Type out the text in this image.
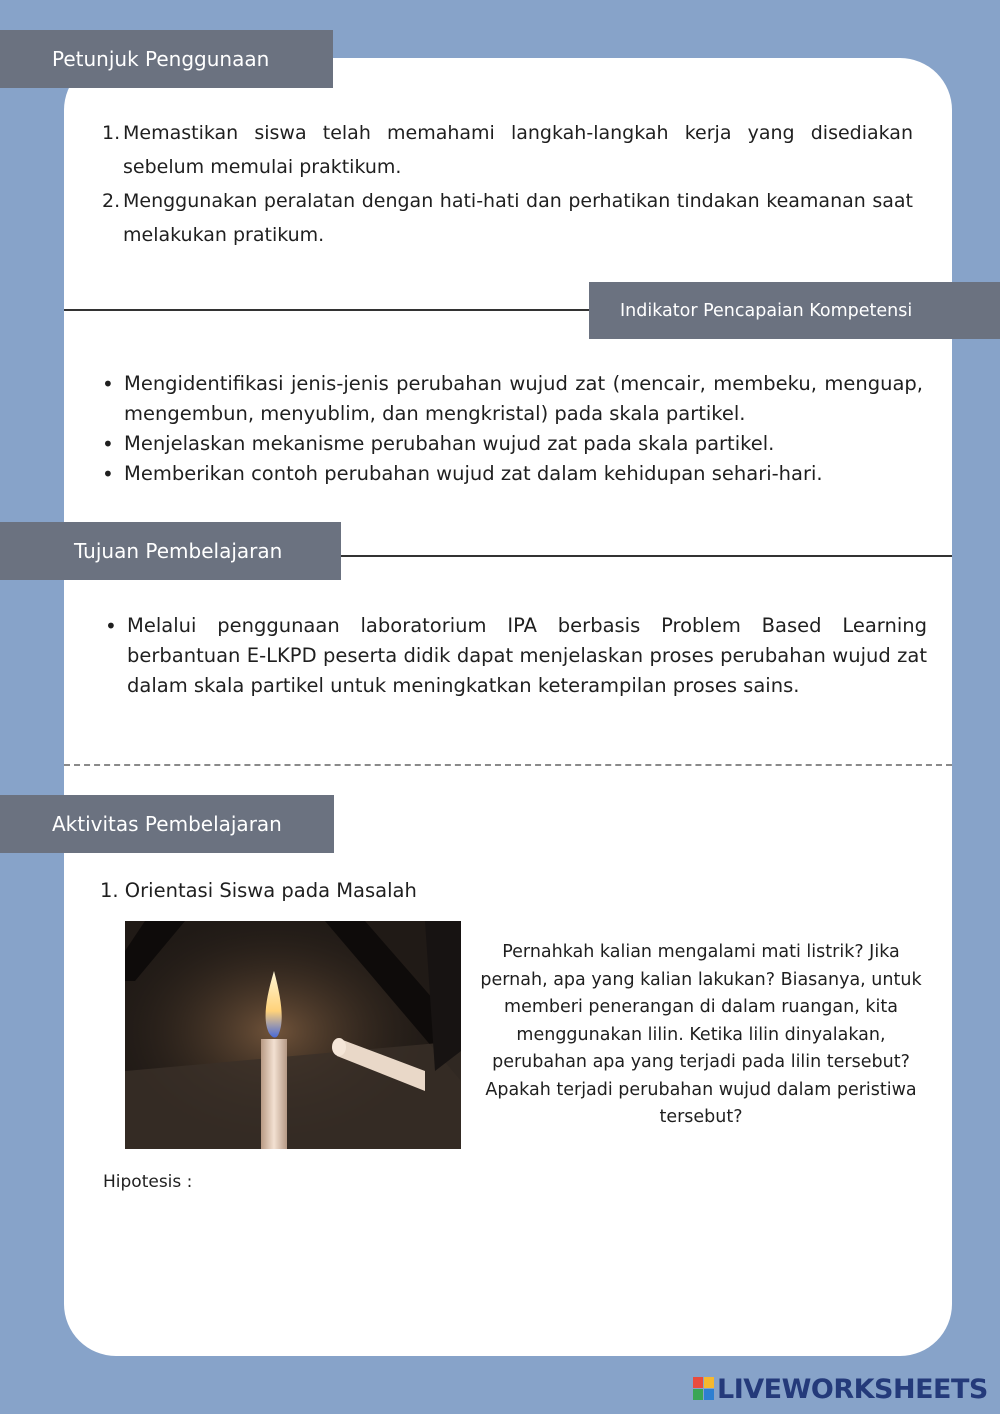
Petunjuk Penggunaan
1. Memastikan siswa telah memahami langkah-langkah kerja yang disediakan sebelum memulai praktikum.
2. Menggunakan peralatan dengan hati-hati dan perhatikan tindakan keamanan saat melakukan pratikum.
Indikator Pencapaian Kompetensi
• Mengidentifikasi jenis-jenis perubahan wujud zat (mencair, membeku, menguap, mengembun, menyublim, dan mengkristal) pada skala partikel.
• Menjelaskan mekanisme perubahan wujud zat pada skala partikel.
• Memberikan contoh perubahan wujud zat dalam kehidupan sehari-hari.
Tujuan Pembelajaran
• Melalui penggunaan laboratorium IPA berbasis Problem Based Learning berbantuan E-LKPD peserta didik dapat menjelaskan proses perubahan wujud zat dalam skala partikel untuk meningkatkan keterampilan proses sains.
Aktivitas Pembelajaran
1. Orientasi Siswa pada Masalah
Pernahkah kalian mengalami mati listrik? Jika pernah, apa yang kalian lakukan? Biasanya, untuk memberi penerangan di dalam ruangan, kita menggunakan lilin. Ketika lilin dinyalakan, perubahan apa yang terjadi pada lilin tersebut? Apakah terjadi perubahan wujud dalam peristiwa tersebut?
Hipotesis :
LIVEWORKSHEETS
